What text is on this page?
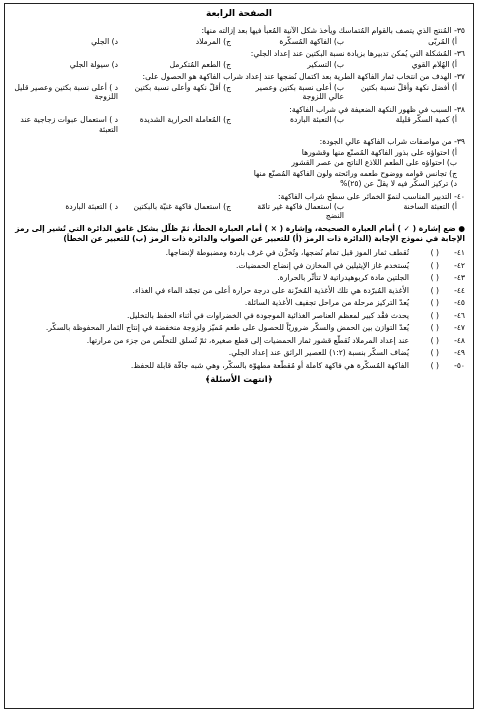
الصفحة الرابعة
٣٥- المُنتج الذي يتصف بالقوام المُتماسك ويأخذ شكل الآنية المُعبأ فيها بعد إزالته منها:
أ) المُربّى
ب) الفاكهة المُسكّرة
ج) المرملاد
د) الجلي
٣٦- المُشكلة التي يُمكن تدبيرها بزيادة نسبة البكتين عند إعداد الجلي:
أ) الهُلام القوي
ب) التسكير
ج) الطعم المُتكرمل
د) سيولة الجلي
٣٧- الهدف من انتخاب ثمار الفاكهة الطرية بعد اكتمال نُضجها عند إعداد شراب الفاكهة هو الحصول على:
أ) أفضل نكهة وأقلّ نسبة بكتين
ب) أعلى نسبة بكتين وعصير عالي اللزوجة
ج) أقلّ نكهة وأعلى نسبة بكتين
د ) أعلى نسبة بكتين وعصير قليل اللزوجة
٣٨- السبب في ظهور النكهة الضعيفة في شراب الفاكهة:
أ) كمية السكّر قليلة
ب) التعبئة الباردة
ج) المُعاملة الحرارية الشديدة
د ) استعمال عبوات زجاجية عند التعبئة
٣٩- من مواصفات شراب الفاكهة عالي الجودة:
أ) احتواؤه على بذور الفاكهة المُصنّع منها وقشورها
ب) احتواؤه على الطعم اللاذع الناتج من عصر القشور
ج) تجانس قوامه ووضوح طعمه ورائحته ولون الفاكهة المُصنّع منها
د) تركيز السكّر فيه لا يقلّ عن (٢٥)%
٤٠- التدبير المناسب لنموّ الخمائر على سطح شراب الفاكهة:
أ) التعبئة الساخنة
ب) استعمال فاكهة غير تامّة النضج
ج) استعمال فاكهة غنيّة بالبكتين
د ) التعبئة الباردة
● ضع إشارة ( ✓ ) أمام العبارة الصحيحة، وإشارة ( × ) أمام العبارة الخطأ، ثمّ ظلّل بشكل غامق الدائرة التي تُشير إلى رمز الإجابة في نموذج الإجابة (الدائرة ذات الرمز (أ) للتعبير عن الصواب والدائرة ذات الرمز (ب) للتعبير عن الخطأ)
٤١-
( )
تُقطف ثمار الموز قبل تمام نُضجها، وتُخزَّن في غرف باردة ومضبوطة لإنضاجها.
٤٢-
( )
يُستخدم غاز الإيثيلين في المخازن في إنضاج الحمضيات.
٤٣-
( )
الجلتين مادة كربوهيدراتية لا تتأثّر بالحرارة.
٤٤-
( )
الأغذية المُبرّدة هي تلك الأغذية المُخزّنة على درجة حرارة أعلى من تجمّد الماء في الغذاء.
٤٥-
( )
يُعدّ التركيز مرحلة من مراحل تجفيف الأغذية السائلة.
٤٦-
( )
يحدث فقْد كبير لمعظم العناصر الغذائية الموجودة في الخضراوات في أثناء الحفظ بالتخليل.
٤٧-
( )
يُعدّ التوازن بين الحمض والسكّر ضروريّاً للحصول على طعم مُميّز ولزوجة منخفضة في إنتاج الثمار المحفوظة بالسكّر.
٤٨-
( )
عند إعداد المرملاد تُقطّع قشور ثمار الحمضيات إلى قطع صغيرة، ثمّ تُسلق للتخلّص من جزء من مرارتها.
٤٩-
( )
يُضاف السكّر بنسبة (١:٢) للعصير الرائق عند إعداد الجلي.
٥٠-
( )
الفاكهة المُسكّرة هي فاكهة كاملة أو مُقطّعة مطهوّة بالسكّر، وهي شبه جافّة قابلة للحفظ.
﴿انتهت الأسئلة﴾
